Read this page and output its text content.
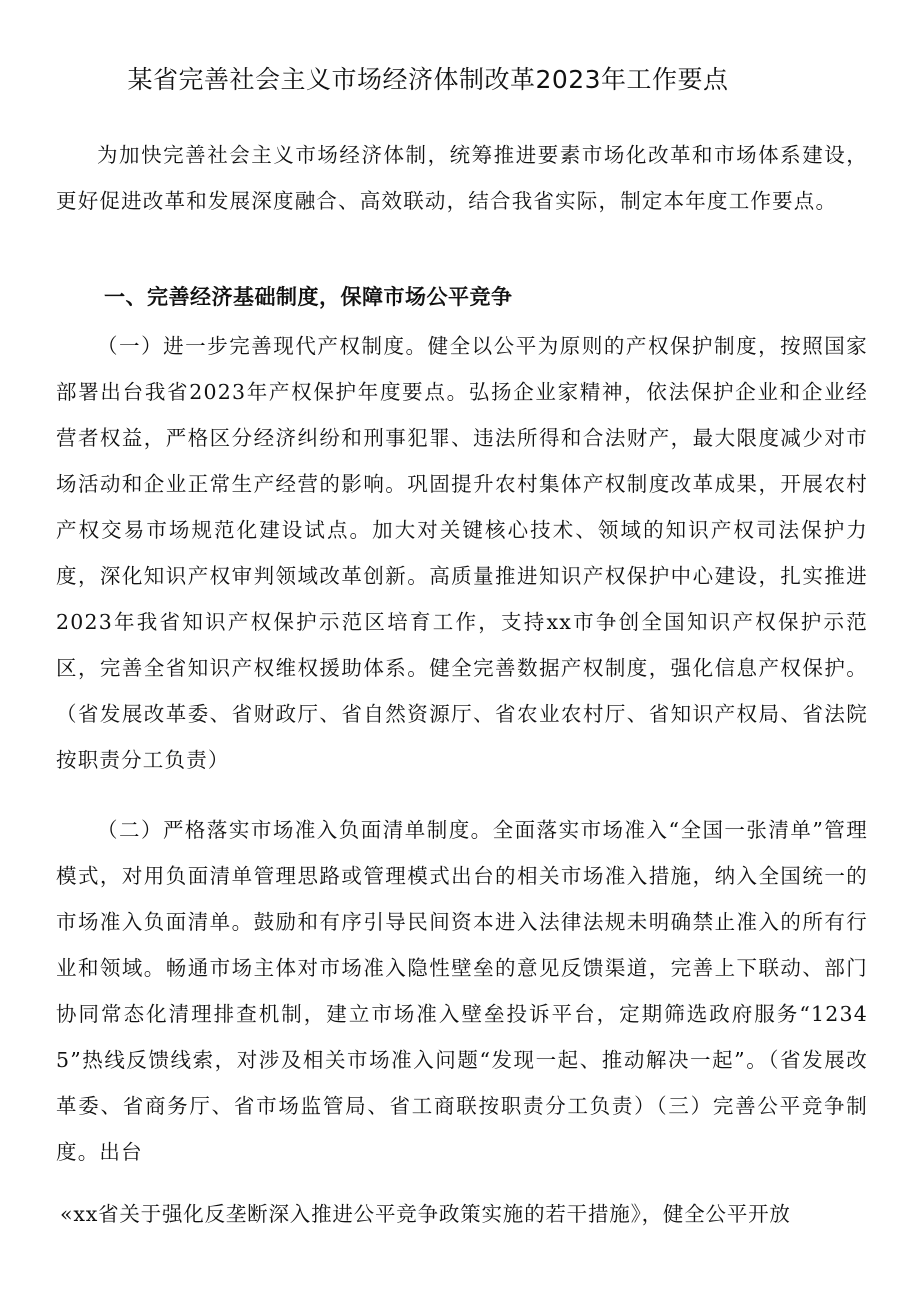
某省完善社会主义市场经济体制改革2023年工作要点

为加快完善社会主义市场经济体制，统筹推进要素市场化改革和市场体系建设，更好促进改革和发展深度融合、高效联动，结合我省实际，制定本年度工作要点。

一、完善经济基础制度，保障市场公平竞争

（一）进一步完善现代产权制度。健全以公平为原则的产权保护制度，按照国家部署出台我省2023年产权保护年度要点。弘扬企业家精神，依法保护企业和企业经营者权益，严格区分经济纠纷和刑事犯罪、违法所得和合法财产，最大限度减少对市场活动和企业正常生产经营的影响。巩固提升农村集体产权制度改革成果，开展农村产权交易市场规范化建设试点。加大对关键核心技术、领域的知识产权司法保护力度，深化知识产权审判领域改革创新。高质量推进知识产权保护中心建设，扎实推进2023年我省知识产权保护示范区培育工作，支持xx市争创全国知识产权保护示范区，完善全省知识产权维权援助体系。健全完善数据产权制度，强化信息产权保护。（省发展改革委、省财政厅、省自然资源厅、省农业农村厅、省知识产权局、省法院按职责分工负责）

（二）严格落实市场准入负面清单制度。全面落实市场准入“全国一张清单”管理模式，对用负面清单管理思路或管理模式出台的相关市场准入措施，纳入全国统一的市场准入负面清单。鼓励和有序引导民间资本进入法律法规未明确禁止准入的所有行业和领域。畅通市场主体对市场准入隐性壁垒的意见反馈渠道，完善上下联动、部门协同常态化清理排查机制，建立市场准入壁垒投诉平台，定期筛选政府服务“12345”热线反馈线索，对涉及相关市场准入问题“发现一起、推动解决一起”。（省发展改革委、省商务厅、省市场监管局、省工商联按职责分工负责）（三）完善公平竞争制度。出台

«xx省关于强化反垄断深入推进公平竞争政策实施的若干措施》，健全公平开放
